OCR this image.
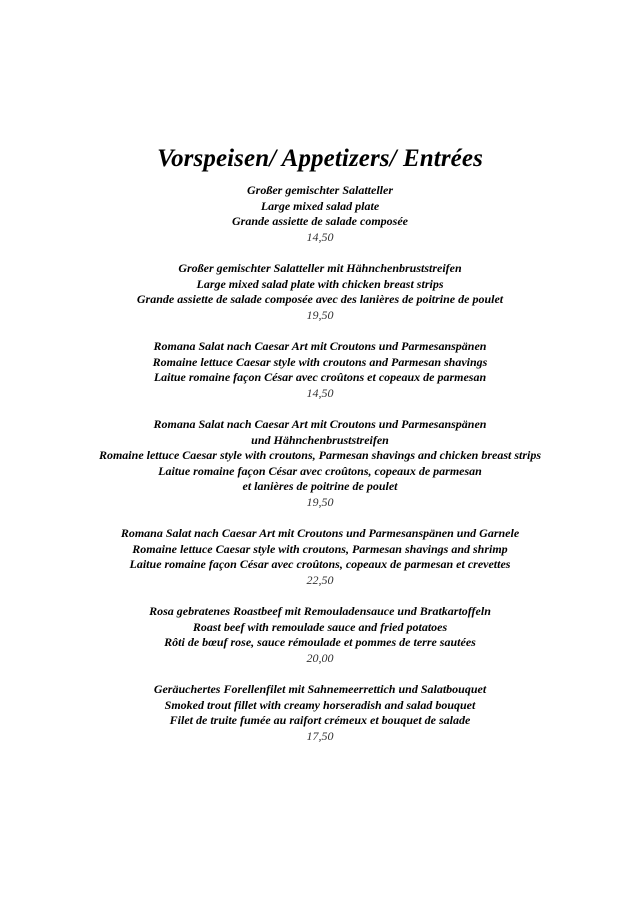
Vorspeisen/ Appetizers/ Entrées
Großer gemischter Salatteller
Large mixed salad plate
Grande assiette de salade composée
14,50
Großer gemischter Salatteller mit Hähnchenbruststreifen
Large mixed salad plate with chicken breast strips
Grande assiette de salade composée avec des lanières de poitrine de poulet
19,50
Romana Salat nach Caesar Art mit Croutons und Parmesanspänen
Romaine lettuce Caesar style with croutons and Parmesan shavings
Laitue romaine façon César avec croûtons et copeaux de parmesan
14,50
Romana Salat nach Caesar Art mit Croutons und Parmesanspänen
und Hähnchenbruststreifen
Romaine lettuce Caesar style with croutons, Parmesan shavings and chicken breast strips
Laitue romaine façon César avec croûtons, copeaux de parmesan
et lanières de poitrine de poulet
19,50
Romana Salat nach Caesar Art mit Croutons und Parmesanspänen und Garnele
Romaine lettuce Caesar style with croutons, Parmesan shavings and shrimp
Laitue romaine façon César avec croûtons, copeaux de parmesan et crevettes
22,50
Rosa gebratenes Roastbeef mit Remouladensauce und Bratkartoffeln
Roast beef with remoulade sauce and fried potatoes
Rôti de bœuf rose, sauce rémoulade et pommes de terre sautées
20,00
Geräuchertes Forellenfilet mit Sahnemeerrettich und Salatbouquet
Smoked trout fillet with creamy horseradish and salad bouquet
Filet de truite fumée au raifort crémeux et bouquet de salade
17,50
